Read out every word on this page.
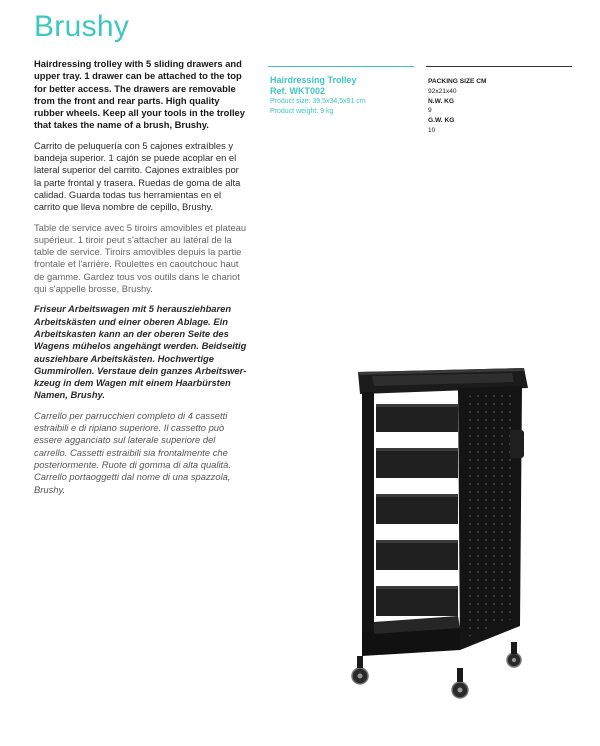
Brushy

Hairdressing trolley with 5 sliding drawers and upper tray. 1 drawer can be attached to the top for better access. The drawers are removable from the front and rear parts. High quality rubber wheels. Keep all your tools in the trolley that takes the name of a brush, Brushy.

Carrito de peluquería con 5 cajones extraíbles y bandeja superior. 1 cajón se puede acoplar en el lateral superior del carrito. Cajones extraíbles por la parte frontal y trasera. Ruedas de goma de alta calidad. Guarda todas tus herramientas en el carrito que lleva nombre de cepillo, Brushy.

Table de service avec 5 tiroirs amovibles et plateau supérieur. 1 tiroir peut s'attacher au latéral de la table de service. Tiroirs amovibles depuis la partie frontale et l'arrière. Roulettes en caoutchouc haut de gamme. Gardez tous vos outils dans le chariot qui s'appelle brosse, Brushy.

Friseur Arbeitswagen mit 5 herausziehbaren Arbeitskästen und einer oberen Ablage. Ein Arbeitskasten kann an der oberen Seite des Wagens mühelos angehängt werden. Beidseitig ausziehbare Arbeitskästen. Hochwertige Gummirollen. Verstaue dein ganzes Arbeitswer-kzeug in dem Wagen mit einem Haarbürsten Namen, Brushy.

Carrello per parrucchieri completo di 4 cassetti estraibili e di ripiano superiore. Il cassetto può essere agganciato sul laterale superiore del carrello. Cassetti estraibili sia frontalmente che posteriormente. Ruote di gomma di alta qualità. Carrello portaoggetti dal nome di una spazzola, Brushy.

Hairdressing Trolley
Ref. WKT002
Product size: 39,5x34,5x91 cm
Product weight: 9 kg
PACKING SIZE CM
92x21x40
N.W. KG
9
G.W. KG
10
